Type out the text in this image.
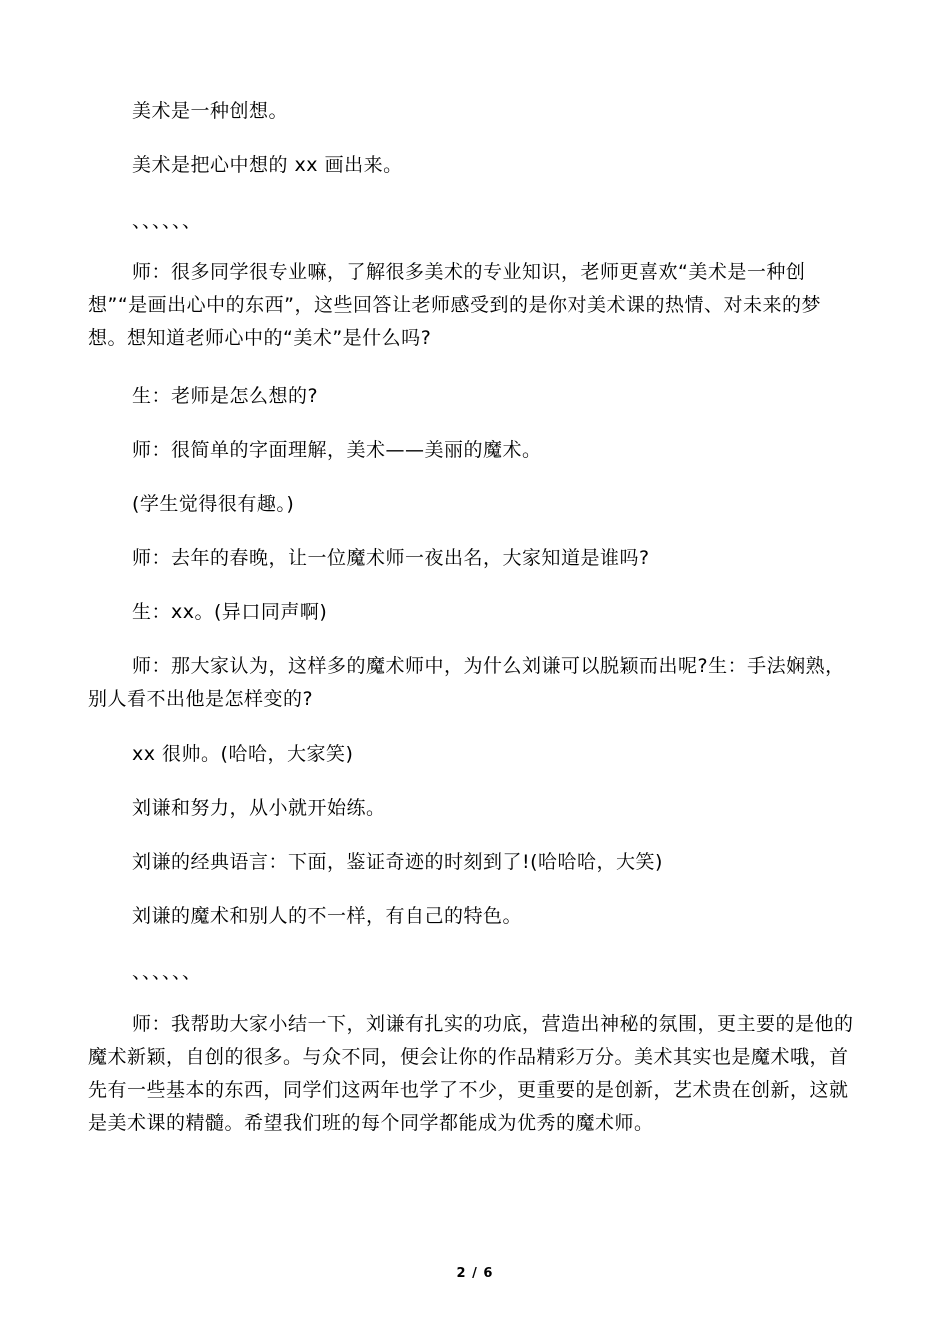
美术是一种创想。

美术是把心中想的 xx 画出来。

、、、、、、

师：很多同学很专业嘛，了解很多美术的专业知识，老师更喜欢“美术是一种创想”“是画出心中的东西”，这些回答让老师感受到的是你对美术课的热情、对未来的梦想。想知道老师心中的“美术”是什么吗?

生：老师是怎么想的?

师：很简单的字面理解，美术——美丽的魔术。

(学生觉得很有趣。)

师：去年的春晚，让一位魔术师一夜出名，大家知道是谁吗?

生：xx。(异口同声啊)

师：那大家认为，这样多的魔术师中，为什么刘谦可以脱颖而出呢?生：手法娴熟，别人看不出他是怎样变的?

xx 很帅。(哈哈，大家笑)

刘谦和努力，从小就开始练。

刘谦的经典语言：下面，鉴证奇迹的时刻到了!(哈哈哈，大笑)

刘谦的魔术和别人的不一样，有自己的特色。

、、、、、、

师：我帮助大家小结一下，刘谦有扎实的功底，营造出神秘的氛围，更主要的是他的魔术新颖，自创的很多。与众不同，便会让你的作品精彩万分。美术其实也是魔术哦，首先有一些基本的东西，同学们这两年也学了不少，更重要的是创新，艺术贵在创新，这就是美术课的精髓。希望我们班的每个同学都能成为优秀的魔术师。

2 / 6
